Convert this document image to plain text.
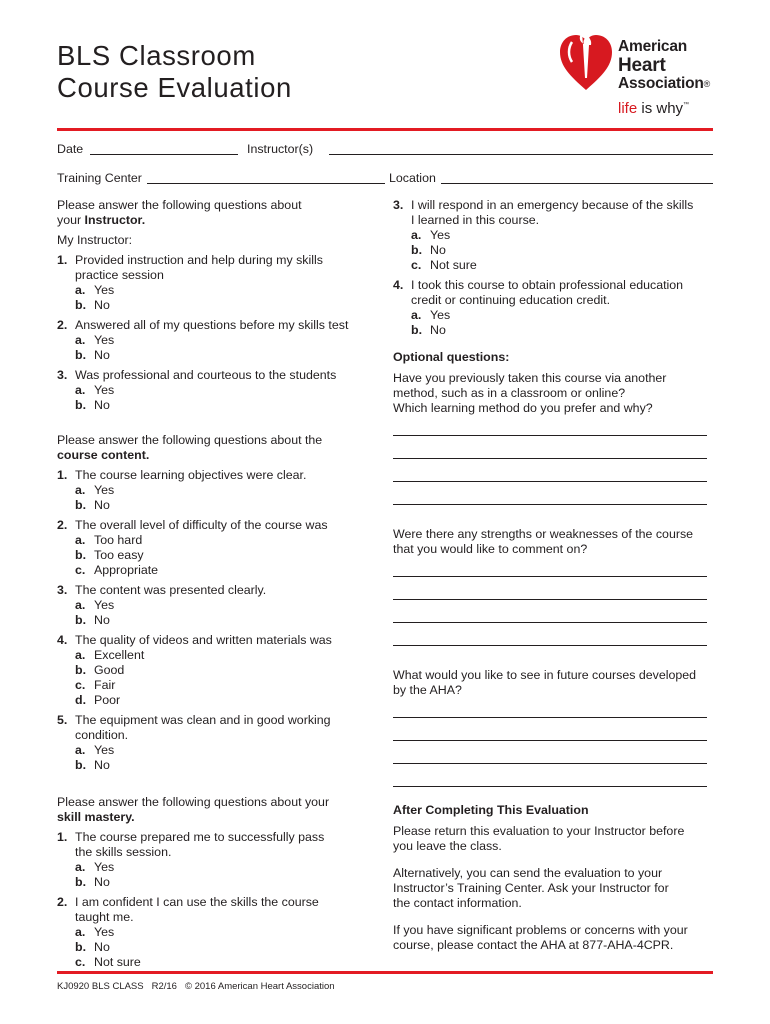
BLS Classroom
Course Evaluation
American
Heart
Association®
life is why™
Date	Instructor(s)
Training Center	Location

Please answer the following questions about
your Instructor.

My Instructor:

1. Provided instruction and help during my skills
practice session
a. Yes
b. No
2. Answered all of my questions before my skills test
a. Yes
b. No
3. Was professional and courteous to the students
a. Yes
b. No

Please answer the following questions about the
course content.

1. The course learning objectives were clear.
a. Yes
b. No
2. The overall level of difficulty of the course was
a. Too hard
b. Too easy
c. Appropriate
3. The content was presented clearly.
a. Yes
b. No
4. The quality of videos and written materials was
a. Excellent
b. Good
c. Fair
d. Poor
5. The equipment was clean and in good working
condition.
a. Yes
b. No

Please answer the following questions about your
skill mastery.

1. The course prepared me to successfully pass
the skills session.
a. Yes
b. No
2. I am confident I can use the skills the course
taught me.
a. Yes
b. No
c. Not sure
3. I will respond in an emergency because of the skills
I learned in this course.
a. Yes
b. No
c. Not sure
4. I took this course to obtain professional education
credit or continuing education credit.
a. Yes
b. No

Optional questions:

Have you previously taken this course via another
method, such as in a classroom or online?
Which learning method do you prefer and why?

Were there any strengths or weaknesses of the course
that you would like to comment on?

What would you like to see in future courses developed
by the AHA?

After Completing This Evaluation

Please return this evaluation to your Instructor before
you leave the class.

Alternatively, you can send the evaluation to your
Instructor’s Training Center. Ask your Instructor for
the contact information.

If you have significant problems or concerns with your
course, please contact the AHA at 877-AHA-4CPR.

KJ0920 BLS CLASS R2/16 © 2016 American Heart Association
